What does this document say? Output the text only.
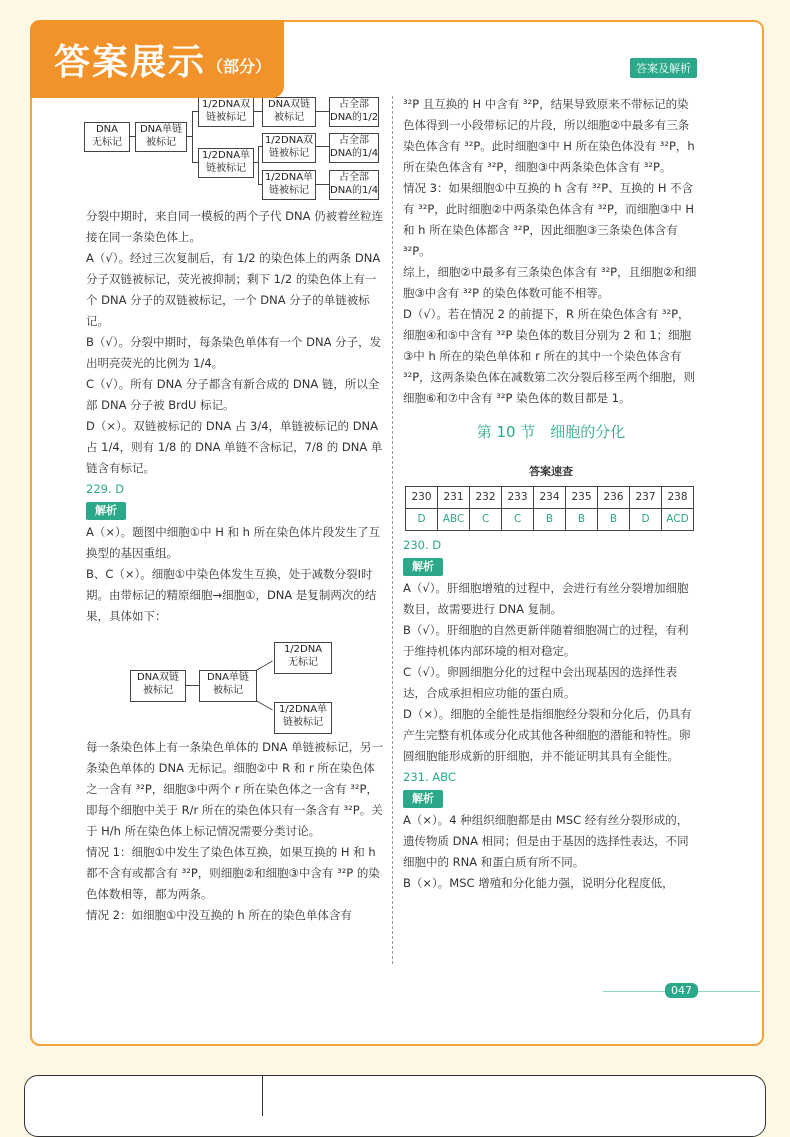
答案展示 （部分）	答案及解析
DNA
无标记
DNA单链
被标记
1/2DNA双
链被标记
1/2DNA单
链被标记
DNA双链
被标记
占全部
DNA的1/2
1/2DNA双
链被标记
占全部
DNA的1/4
1/2DNA单
链被标记
占全部
DNA的1/4

分裂中期时，来自同一模板的两个子代 DNA 仍被着丝粒连接在同一条染色体上。

A（√）。经过三次复制后，有 1/2 的染色体上的两条 DNA 分子双链被标记，荧光被抑制；剩下 1/2 的染色体上有一个 DNA 分子的双链被标记，一个 DNA 分子的单链被标记。

B（√）。分裂中期时，每条染色单体有一个 DNA 分子，发出明亮荧光的比例为 1/4。

C（√）。所有 DNA 分子都含有新合成的 DNA 链，所以全部 DNA 分子被 BrdU 标记。

D（×）。双链被标记的 DNA 占 3/4，单链被标记的 DNA 占 1/4，则有 1/8 的 DNA 单链不含标记，7/8 的 DNA 单链含有标记。

229. D

解析

A（×）。题图中细胞①中 H 和 h 所在染色体片段发生了互换型的基因重组。

B、C（×）。细胞①中染色体发生互换，处于减数分裂Ⅰ时期。由带标记的精原细胞→细胞①，DNA 是复制两次的结果，具体如下：

DNA双链
被标记
DNA单链
被标记
1/2DNA
无标记
1/2DNA单
链被标记

每一条染色体上有一条染色单体的 DNA 单链被标记，另一条染色单体的 DNA 无标记。细胞②中 R 和 r 所在染色体之一含有 ³²P，细胞③中两个 r 所在染色体之一含有 ³²P，即每个细胞中关于 R/r 所在的染色体只有一条含有 ³²P。关于 H/h 所在染色体上标记情况需要分类讨论。

情况 1：细胞①中发生了染色体互换，如果互换的 H 和 h 都不含有或都含有 ³²P，则细胞②和细胞③中含有 ³²P 的染色体数相等，都为两条。

情况 2：如细胞①中没互换的 h 所在的染色单体含有

³²P 且互换的 H 中含有 ³²P，结果导致原来不带标记的染色体得到一小段带标记的片段，所以细胞②中最多有三条染色体含有 ³²P。此时细胞③中 H 所在染色体没有 ³²P，h 所在染色体含有 ³²P，细胞③中两条染色体含有 ³²P。

情况 3：如果细胞①中互换的 h 含有 ³²P、互换的 H 不含有 ³²P，此时细胞②中两条染色体含有 ³²P，而细胞③中 H 和 h 所在染色体都含 ³²P，因此细胞③三条染色体含有 ³²P。

综上，细胞②中最多有三条染色体含有 ³²P，且细胞②和细胞③中含有 ³²P 的染色体数可能不相等。

D（√）。若在情况 2 的前提下，R 所在染色体含有 ³²P，细胞④和⑤中含有 ³²P 染色体的数目分别为 2 和 1；细胞③中 h 所在的染色单体和 r 所在的其中一个染色体含有 ³²P，这两条染色体在减数第二次分裂后移至两个细胞，则细胞⑥和⑦中含有 ³²P 染色体的数目都是 1。

第 10 节　细胞的分化
答案速查
230	231	232	233	234	235	236	237	238
D	ABC	C	C	B	B	B	D	ACD

230. D

解析

A（√）。肝细胞增殖的过程中，会进行有丝分裂增加细胞数目，故需要进行 DNA 复制。

B（√）。肝细胞的自然更新伴随着细胞凋亡的过程，有利于维持机体内部环境的相对稳定。

C（√）。卵圆细胞分化的过程中会出现基因的选择性表达，合成承担相应功能的蛋白质。

D（×）。细胞的全能性是指细胞经分裂和分化后，仍具有产生完整有机体或分化成其他各种细胞的潜能和特性。卵圆细胞能形成新的肝细胞，并不能证明其具有全能性。

231. ABC

解析

A（×）。4 种组织细胞都是由 MSC 经有丝分裂形成的，遗传物质 DNA 相同；但是由于基因的选择性表达，不同细胞中的 RNA 和蛋白质有所不同。

B（×）。MSC 增殖和分化能力强，说明分化程度低，

047
